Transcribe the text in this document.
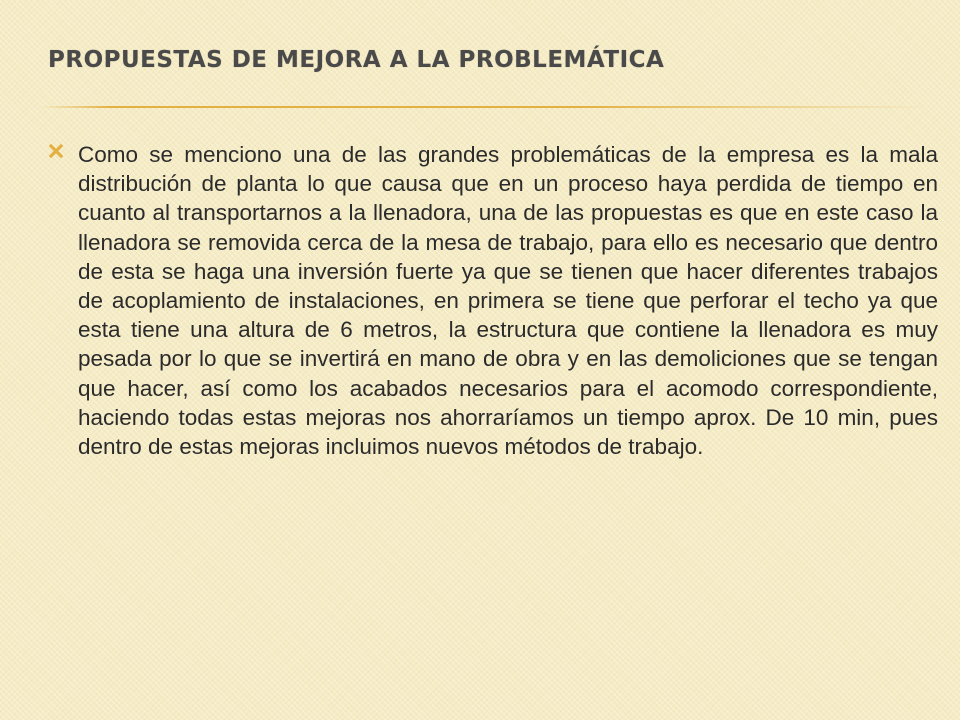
PROPUESTAS DE MEJORA A LA PROBLEMÁTICA

Como se menciono una de las grandes problemáticas de la empresa es la mala distribución de planta lo que causa que en un proceso haya perdida de tiempo en cuanto al transportarnos a la llenadora, una de las propuestas es que en este caso la llenadora se removida cerca de la mesa de trabajo, para ello es necesario que dentro de esta se haga una inversión fuerte ya que se tienen que hacer diferentes trabajos de acoplamiento de instalaciones, en primera se tiene que perforar el techo ya que esta tiene una altura de 6 metros, la estructura que contiene la llenadora es muy pesada por lo que se invertirá en mano de obra y en las demoliciones que se tengan que hacer, así como los acabados necesarios para el acomodo correspondiente, haciendo todas estas mejoras nos ahorraríamos un tiempo aprox. De 10 min, pues dentro de estas mejoras incluimos nuevos métodos de trabajo.
